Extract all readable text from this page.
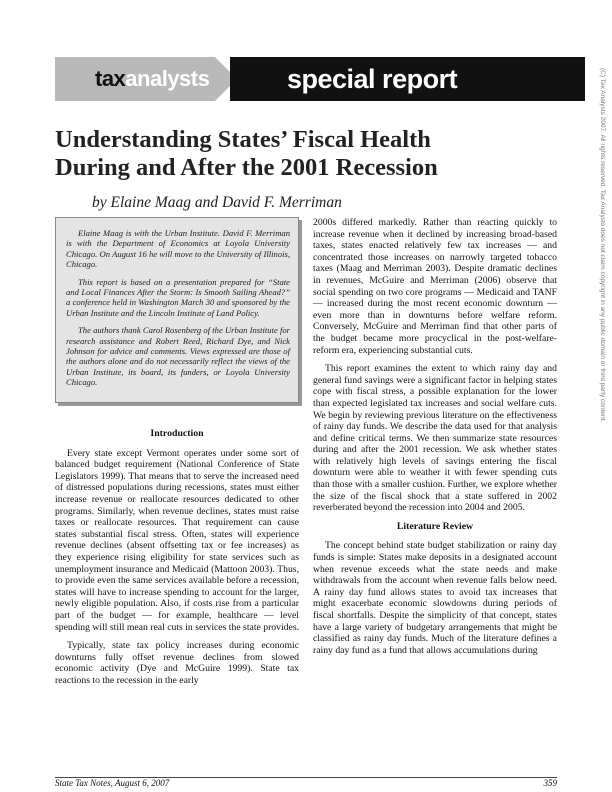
taxanalysts	special report	(C) Tax Analysts 2007. All rights reserved. Tax Analysts does not claim copyright in any public domain or third party content.
Understanding States’ Fiscal Health
During and After the 2001 Recession
by Elaine Maag and David F. Merriman

Elaine Maag is with the Urban Institute. David F. Merriman is with the Department of Economics at Loyola University Chicago. On August 16 he will move to the University of Illinois, Chicago.

This report is based on a presentation prepared for “State and Local Finances After the Storm: Is Smooth Sailing Ahead?” a conference held in Washington March 30 and sponsored by the Urban Institute and the Lincoln Institute of Land Policy.

The authors thank Carol Rosenberg of the Urban Institute for research assistance and Robert Reed, Richard Dye, and Nick Johnson for advice and comments. Views expressed are those of the authors alone and do not necessarily reflect the views of the Urban Institute, its board, its funders, or Loyola University Chicago.

Introduction

Every state except Vermont operates under some sort of balanced budget requirement (National Conference of State Legislators 1999). That means that to serve the increased need of distressed populations during recessions, states must either increase revenue or reallocate resources dedicated to other programs. Similarly, when revenue declines, states must raise taxes or reallocate resources. That requirement can cause states substantial fiscal stress. Often, states will experience revenue declines (absent offsetting tax or fee increases) as they experience rising eligibility for state services such as unemployment insurance and Medicaid (Mattoon 2003). Thus, to provide even the same services available before a recession, states will have to increase spending to account for the larger, newly eligible population. Also, if costs rise from a particular part of the budget — for example, healthcare — level spending will still mean real cuts in services the state provides.

Typically, state tax policy increases during economic downturns fully offset revenue declines from slowed economic activity (Dye and McGuire 1999). State tax reactions to the recession in the early

2000s differed markedly. Rather than reacting quickly to increase revenue when it declined by increasing broad-based taxes, states enacted relatively few tax increases — and concentrated those increases on narrowly targeted tobacco taxes (Maag and Merriman 2003). Despite dramatic declines in revenues, McGuire and Merriman (2006) observe that social spending on two core programs — Medicaid and TANF — increased during the most recent economic downturn — even more than in downturns before welfare reform. Conversely, McGuire and Merriman find that other parts of the budget became more procyclical in the post-welfare-reform era, experiencing substantial cuts.

This report examines the extent to which rainy day and general fund savings were a significant factor in helping states cope with fiscal stress, a possible explanation for the lower than expected legislated tax increases and social welfare cuts. We begin by reviewing previous literature on the effectiveness of rainy day funds. We describe the data used for that analysis and define critical terms. We then summarize state resources during and after the 2001 recession. We ask whether states with relatively high levels of savings entering the fiscal downturn were able to weather it with fewer spending cuts than those with a smaller cushion. Further, we explore whether the size of the fiscal shock that a state suffered in 2002 reverberated beyond the recession into 2004 and 2005.

Literature Review

The concept behind state budget stabilization or rainy day funds is simple: States make deposits in a designated account when revenue exceeds what the state needs and make withdrawals from the account when revenue falls below need. A rainy day fund allows states to avoid tax increases that might exacerbate economic slowdowns during periods of fiscal shortfalls. Despite the simplicity of that concept, states have a large variety of budgetary arrangements that might be classified as rainy day funds. Much of the literature defines a rainy day fund as a fund that allows accumulations during

State Tax Notes, August 6, 2007	359
